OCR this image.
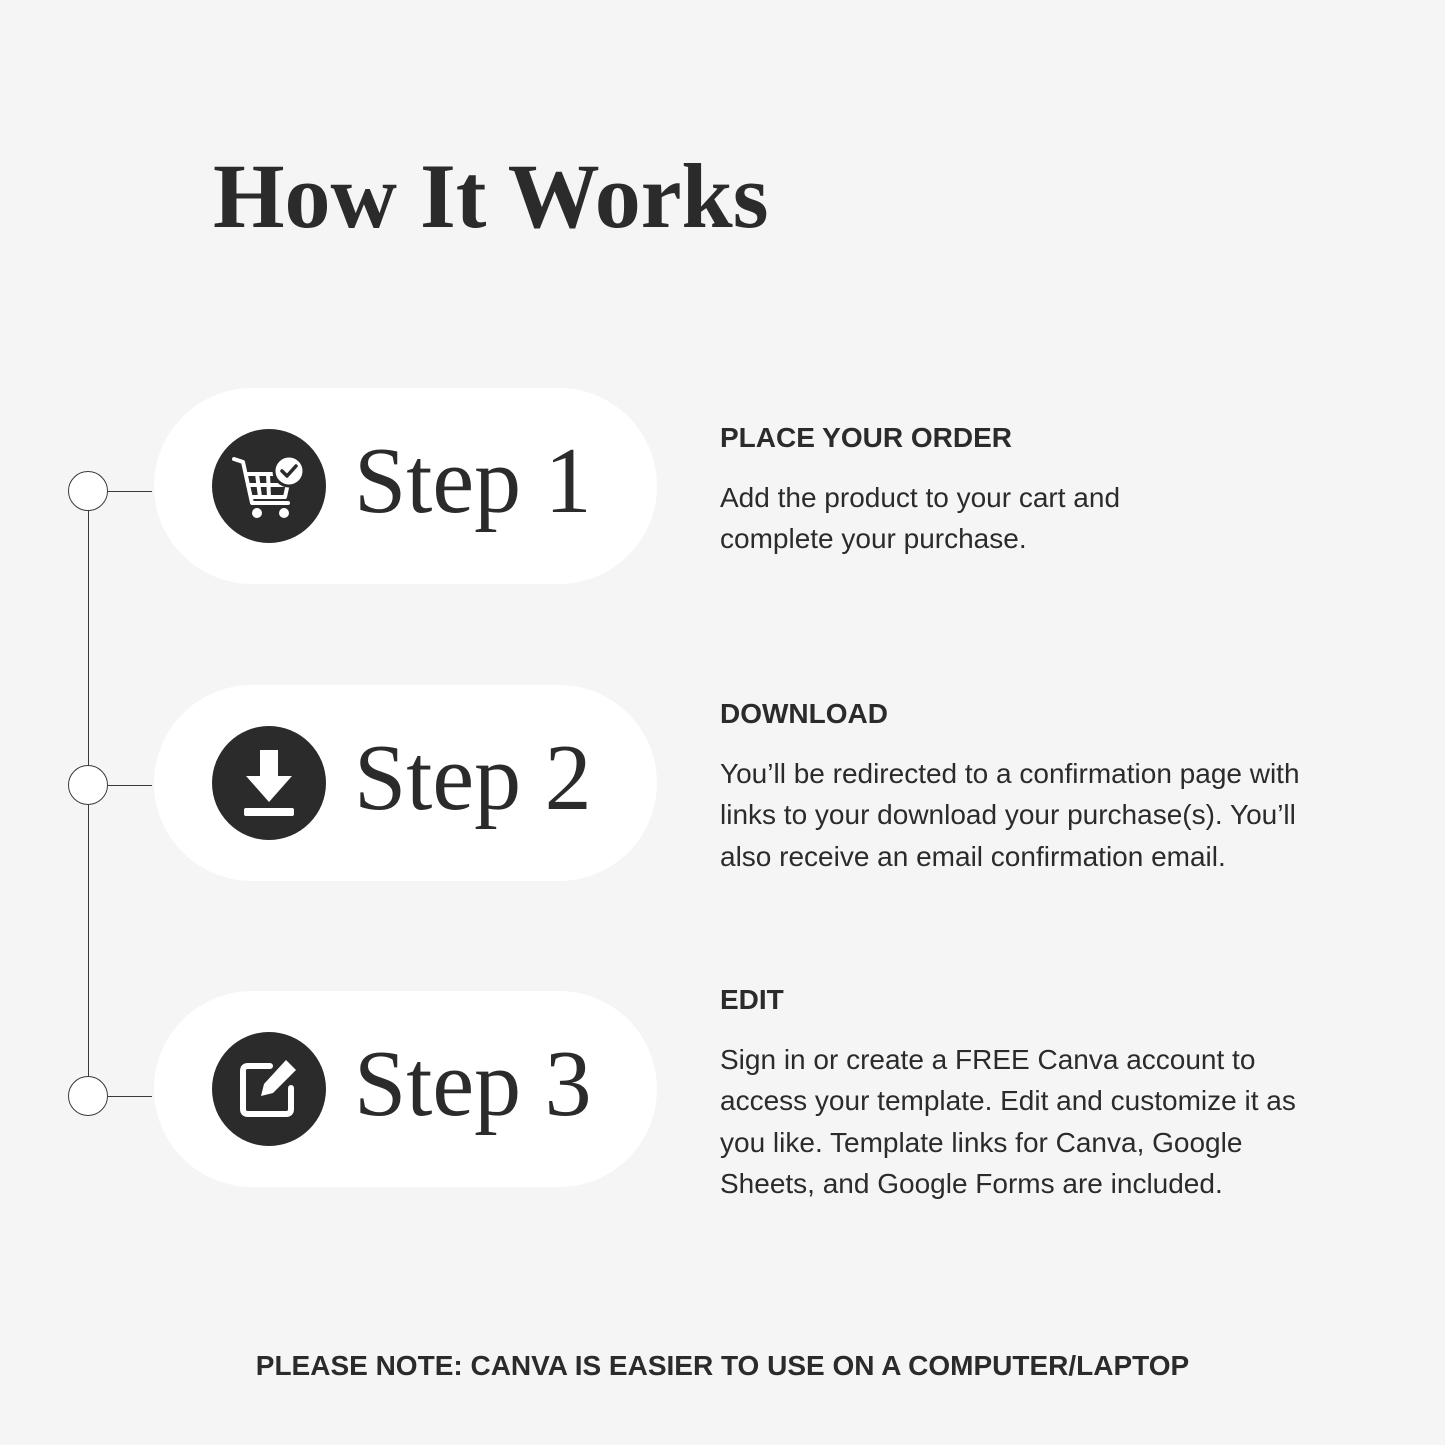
How It Works
Step 1
Step 2
Step 3
PLACE YOUR ORDER

Add the product to your cart and
complete your purchase.

DOWNLOAD

You’ll be redirected to a confirmation page with
links to your download your purchase(s). You’ll
also receive an email confirmation email.

EDIT

Sign in or create a FREE Canva account to
access your template. Edit and customize it as
you like. Template links for Canva, Google
Sheets, and Google Forms are included.

PLEASE NOTE: CANVA IS EASIER TO USE ON A COMPUTER/LAPTOP
